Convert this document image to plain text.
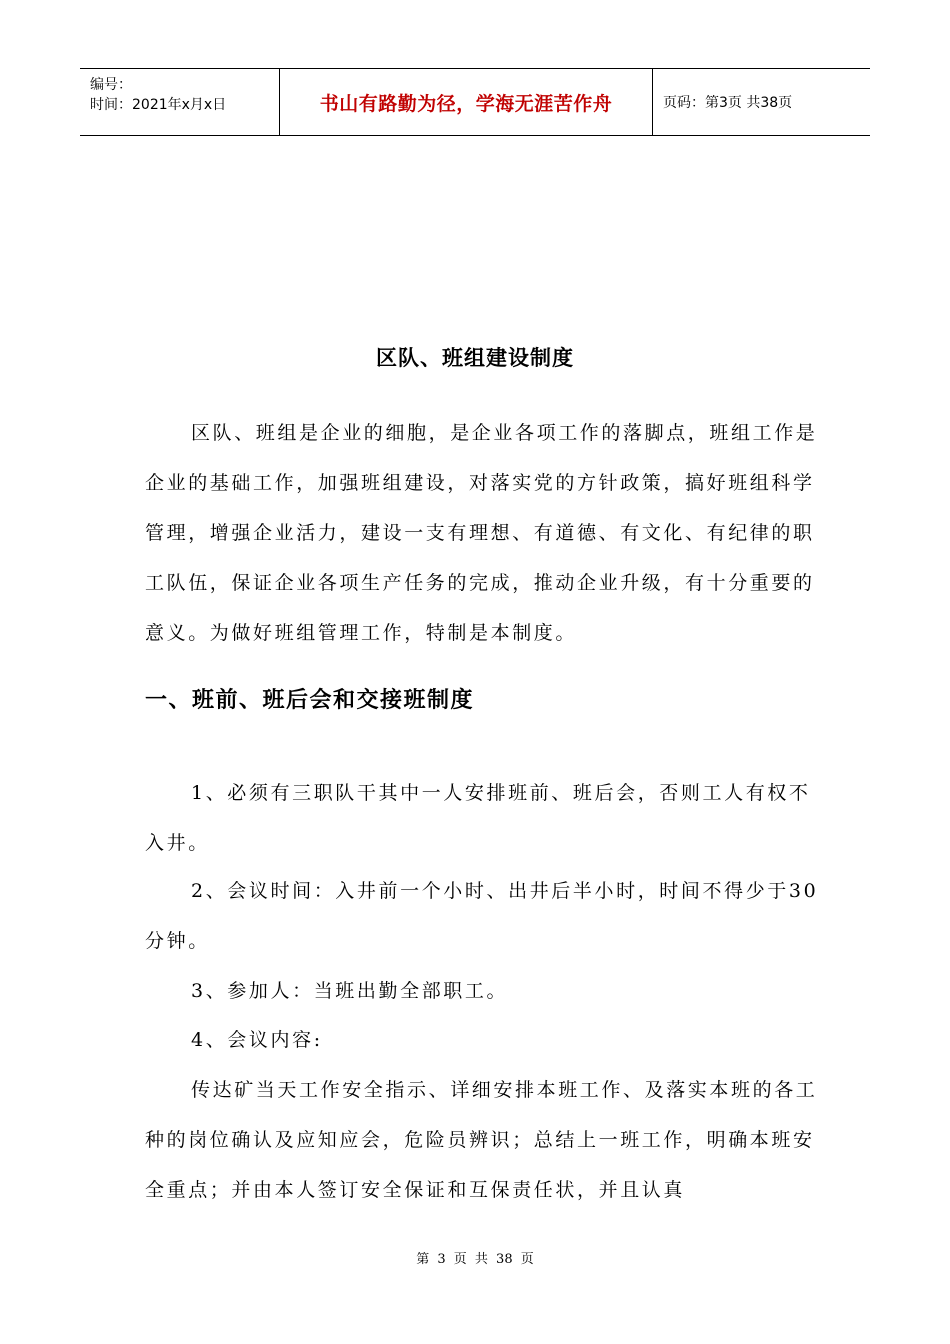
编号：
时间：2021年x月x日	书山有路勤为径，学海无涯苦作舟	页码：第3页 共38页
区队、班组建设制度

区队、班组是企业的细胞，是企业各项工作的落脚点，班组工作是企业的基础工作，加强班组建设，对落实党的方针政策，搞好班组科学管理，增强企业活力，建设一支有理想、有道德、有文化、有纪律的职工队伍，保证企业各项生产任务的完成，推动企业升级，有十分重要的意义。为做好班组管理工作，特制是本制度。

一、班前、班后会和交接班制度

1、必须有三职队干其中一人安排班前、班后会，否则工人有权不入井。

2、会议时间：入井前一个小时、出井后半小时，时间不得少于30分钟。

3、参加人：当班出勤全部职工。

4、会议内容:

传达矿当天工作安全指示、详细安排本班工作、及落实本班的各工种的岗位确认及应知应会，危险员辨识；总结上一班工作，明确本班安全重点；并由本人签订安全保证和互保责任状，并且认真

第 3 页 共 38 页
